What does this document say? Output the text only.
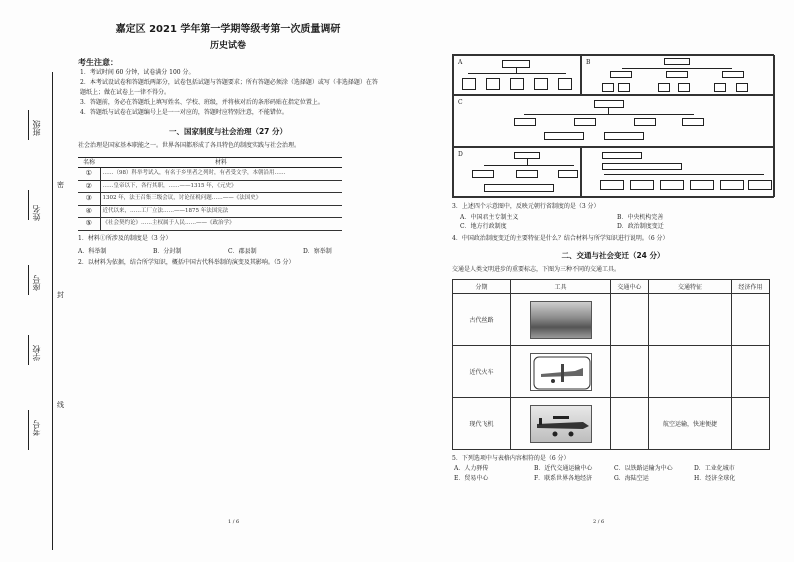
班级
姓名
座号
学校
考号
密
封
线
嘉定区 2021 学年第一学期等级考第一次质量调研
历史试卷
考生注意：
1．考试时间 60 分钟，试卷满分 100 分。
2．本考试设试卷和答题纸两部分，试卷包括试题与答题要求；所有答题必须涂（选择题）或写（非选择题）在答题纸上；做在试卷上一律不得分。
3．答题前，务必在答题纸上填写姓名、学校、班级，并将核对后的条形码贴在指定位置上。
4．答题纸与试卷在试题编号上是一一对应的，答题时应特别注意，不能错位。
一、国家制度与社会治理（27 分）
社会治理是国家基本职能之一。世界各国都形成了各具特色的制度实践与社会治理。
名称	材料
①	……（98）科举考试入，有名于乡里者之列时，有者受文学，本朝沿用……
②	……皇帝以下，各行其职，……——1315 年，《元史》
③	1302 年，法王召集三级会议，讨论征税问题……——《法国史》
④	近代以来，……工厂立法……——1875 年法国宪法
⑤	《社会契约论》……主权属于人民……——《政治学》
1．材料①所涉及的制度是（3 分）
A．科举制	B．分封制	C．郡县制	D．察举制
2．以材料为依据，结合所学知识，概括中国古代科举制的演变及其影响。（5 分）
1 / 6
A	B
C
D
3．上述四个示意图中，反映元朝行省制度的是（3 分）
A．中国君主专制主义	B．中央机构完善
C．地方行政制度	D．政治制度变迁
4．中国政治制度变迁的主要特征是什么？结合材料与所学知识进行说明。（6 分）
二、交通与社会变迁（24 分）
交通是人类文明进步的重要标志，下图为三种不同的交通工具。
分期	工具	交通中心	交通特征	经济作用
古代丝路	

近代火车	

现代飞机			航空运输，快速便捷	
5．下列选项中与表格内容相符的是（6 分）
A．人力驿传	B．近代交通运输中心	C．以铁路运输为中心	D．工业化城市
E．贸易中心	F．联系世界各地经济	G．海陆空运	H．经济全球化
2 / 6
